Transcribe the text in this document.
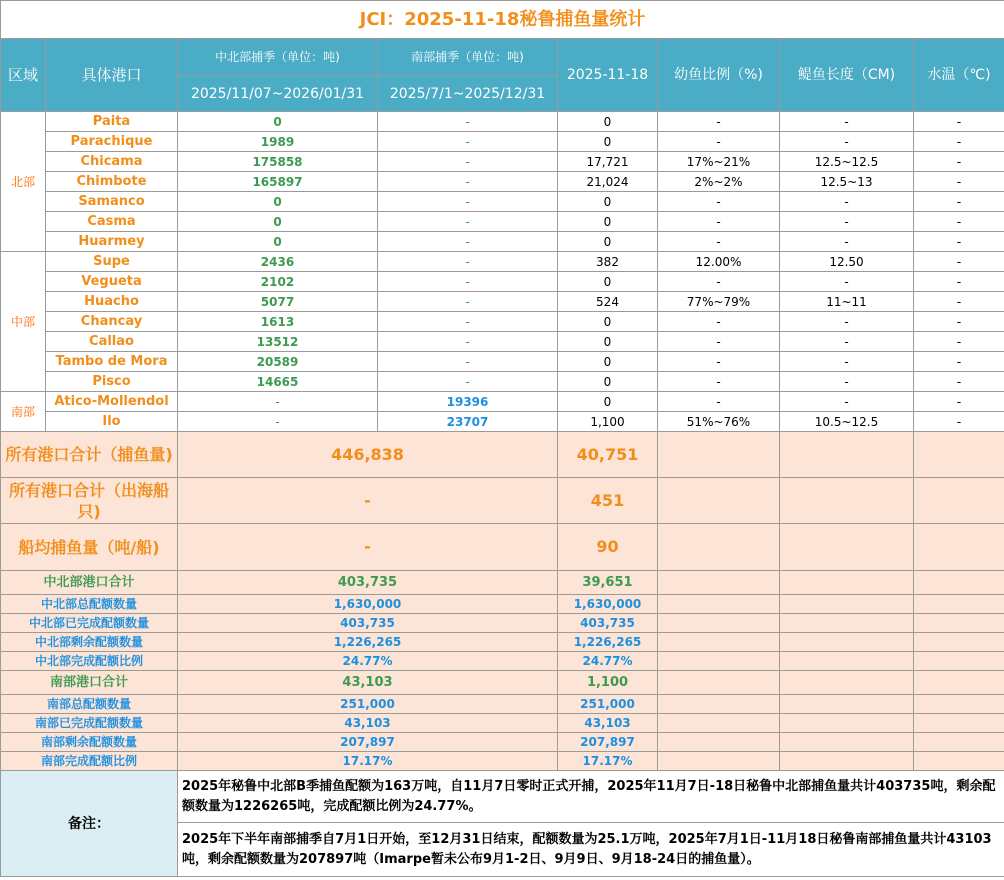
JCI：2025-11-18秘鲁捕鱼量统计							
区域	具体港口	中北部捕季（单位：吨)	南部捕季（单位：吨)	2025-11-18	幼鱼比例（%)	鳀鱼长度（CM)	水温（℃)
		2025/11/07~2026/01/31	2025/7/1~2025/12/31				
北部	Paita	0	-	0	-	-	-
	Parachique	1989	-	0	-	-	-
	Chicama	175858	-	17,721	17%~21%	12.5~12.5	-
	Chimbote	165897	-	21,024	2%~2%	12.5~13	-
	Samanco	0	-	0	-	-	-
	Casma	0	-	0	-	-	-
	Huarmey	0	-	0	-	-	-
中部	Supe	2436	-	382	12.00%	12.50	-
	Vegueta	2102	-	0	-	-	-
	Huacho	5077	-	524	77%~79%	11~11	-
	Chancay	1613	-	0	-	-	-
	Callao	13512	-	0	-	-	-
	Tambo de Mora	20589	-	0	-	-	-
	Pisco	14665	-	0	-	-	-
南部	Atico-Mollendol	-	19396	0	-	-	-
	Ilo	-	23707	1,100	51%~76%	10.5~12.5	-
所有港口合计（捕鱼量)		446,838		40,751			
所有港口合计（出海船只)		-		451			
船均捕鱼量（吨/船)		-		90			
中北部港口合计		403,735		39,651			
中北部总配额数量		1,630,000		1,630,000			
中北部已完成配额数量		403,735		403,735			
中北部剩余配额数量		1,226,265		1,226,265			
中北部完成配额比例		24.77%		24.77%			
南部港口合计		43,103		1,100			
南部总配额数量		251,000		251,000			
南部已完成配额数量		43,103		43,103			
南部剩余配额数量		207,897		207,897			
南部完成配额比例		17.17%		17.17%			
备注：		2025年秘鲁中北部B季捕鱼配额为163万吨，自11月7日零时正式开捕，2025年11月7日-18日秘鲁中北部捕鱼量共计403735吨，剩余配额数量为1226265吨，完成配额比例为24.77%。					
		2025年下半年南部捕季自7月1日开始，至12月31日结束，配额数量为25.1万吨，2025年7月1日-11月18日秘鲁南部捕鱼量共计43103吨，剩余配额数量为207897吨（Imarpe暂未公布9月1-2日、9月9日、9月18-24日的捕鱼量）。					
